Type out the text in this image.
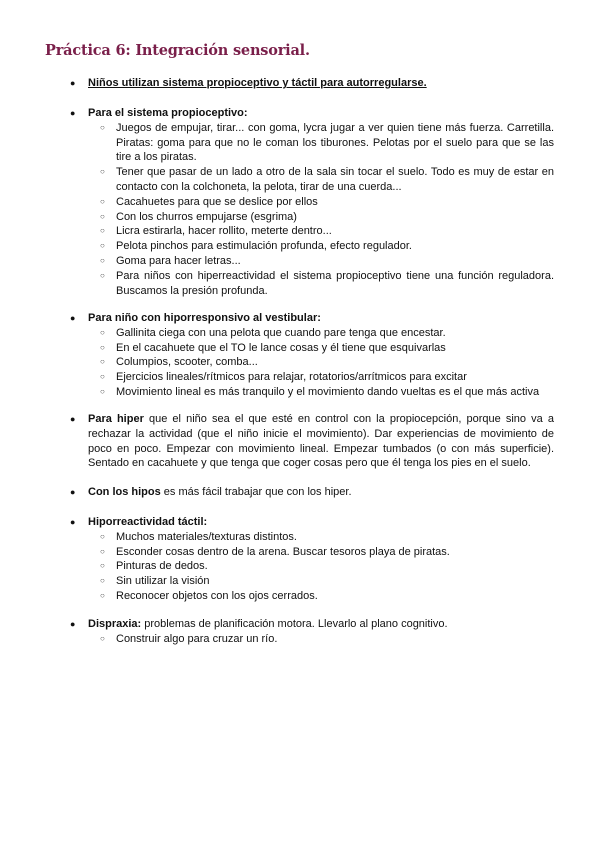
Práctica 6: Integración sensorial.
● Niños utilizan sistema propioceptivo y táctil para autorregularse.
● Para el sistema propioceptivo:
○ Juegos de empujar, tirar... con goma, lycra jugar a ver quien tiene más fuerza. Carretilla. Piratas: goma para que no le coman los tiburones. Pelotas por el suelo para que se las tire a los piratas.
○ Tener que pasar de un lado a otro de la sala sin tocar el suelo. Todo es muy de estar en contacto con la colchoneta, la pelota, tirar de una cuerda...
○ Cacahuetes para que se deslice por ellos
○ Con los churros empujarse (esgrima)
○ Licra estirarla, hacer rollito, meterte dentro...
○ Pelota pinchos para estimulación profunda, efecto regulador.
○ Goma para hacer letras...
○ Para niños con hiperreactividad el sistema propioceptivo tiene una función reguladora. Buscamos la presión profunda.
● Para niño con hiporresponsivo al vestibular:
○ Gallinita ciega con una pelota que cuando pare tenga que encestar.
○ En el cacahuete que el TO le lance cosas y él tiene que esquivarlas
○ Columpios, scooter, comba...
○ Ejercicios lineales/rítmicos para relajar, rotatorios/arrítmicos para excitar
○ Movimiento lineal es más tranquilo y el movimiento dando vueltas es el que más activa
● Para hiper que el niño sea el que esté en control con la propiocepción, porque sino va a rechazar la actividad (que el niño inicie el movimiento). Dar experiencias de movimiento de poco en poco. Empezar con movimiento lineal. Empezar tumbados (o con más superficie). Sentado en cacahuete y que tenga que coger cosas pero que él tenga los pies en el suelo.
● Con los hipos es más fácil trabajar que con los hiper.
● Hiporreactividad táctil:
○ Muchos materiales/texturas distintos.
○ Esconder cosas dentro de la arena. Buscar tesoros playa de piratas.
○ Pinturas de dedos.
○ Sin utilizar la visión
○ Reconocer objetos con los ojos cerrados.
● Dispraxia: problemas de planificación motora. Llevarlo al plano cognitivo.
○ Construir algo para cruzar un río.
